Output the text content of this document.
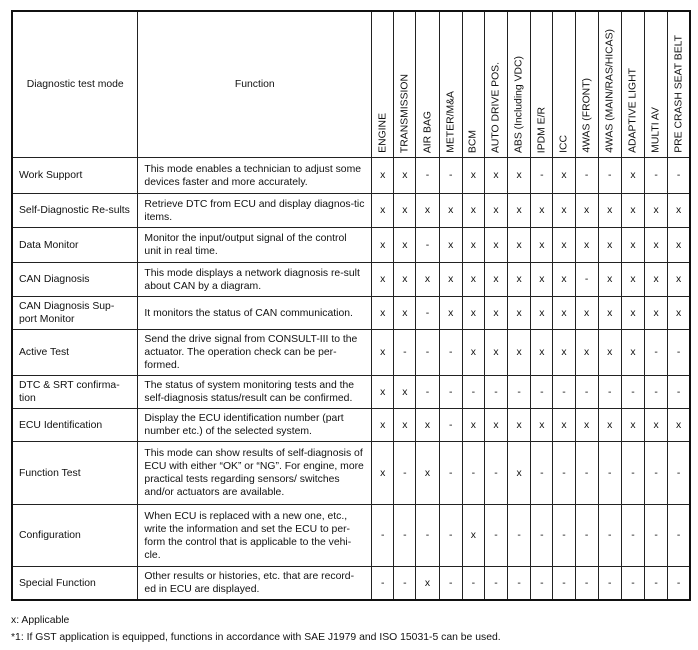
Diagnostic test mode	Function	ENGINE	TRANSMISSION	AIR BAG	METER/M&A	BCM	AUTO DRIVE POS.	ABS (Including VDC)	IPDM E/R	ICC	4WAS (FRONT)	4WAS (MAIN/RAS/HICAS)	ADAPTIVE LIGHT	MULTI AV	PRE CRASH SEAT BELT

Work Support	This mode enables a technician to adjust some devices faster and more accurately.	x	x	-	-	x	x	x	-	x	-	-	x	-	-
Self-Diagnostic Re-sults	Retrieve DTC from ECU and display diagnos-tic items.	x	x	x	x	x	x	x	x	x	x	x	x	x	x
Data Monitor	Monitor the input/output signal of the control unit in real time.	x	x	-	x	x	x	x	x	x	x	x	x	x	x
CAN Diagnosis	This mode displays a network diagnosis re-sult about CAN by a diagram.	x	x	x	x	x	x	x	x	x	-	x	x	x	x
CAN Diagnosis Sup-port Monitor	It monitors the status of CAN communication.	x	x	-	x	x	x	x	x	x	x	x	x	x	x
Active Test	Send the drive signal from CONSULT-III to the actuator. The operation check can be per-formed.	x	-	-	-	x	x	x	x	x	x	x	x	-	-
DTC & SRT confirma-tion	The status of system monitoring tests and the self-diagnosis status/result can be confirmed.	x	x	-	-	-	-	-	-	-	-	-	-	-	-
ECU Identification	Display the ECU identification number (part number etc.) of the selected system.	x	x	x	-	x	x	x	x	x	x	x	x	x	x
Function Test	This mode can show results of self-diagnosis of ECU with either “OK” or “NG”. For engine, more practical tests regarding sensors/ switches and/or actuators are available.	x	-	x	-	-	-	x	-	-	-	-	-	-	-
Configuration	When ECU is replaced with a new one, etc., write the information and set the ECU to per-form the control that is applicable to the vehi-cle.	-	-	-	-	x	-	-	-	-	-	-	-	-	-
Special Function	Other results or histories, etc. that are record-ed in ECU are displayed.	-	-	x	-	-	-	-	-	-	-	-	-	-	-
x: Applicable
*1: If GST application is equipped, functions in accordance with SAE J1979 and ISO 15031-5 can be used.
